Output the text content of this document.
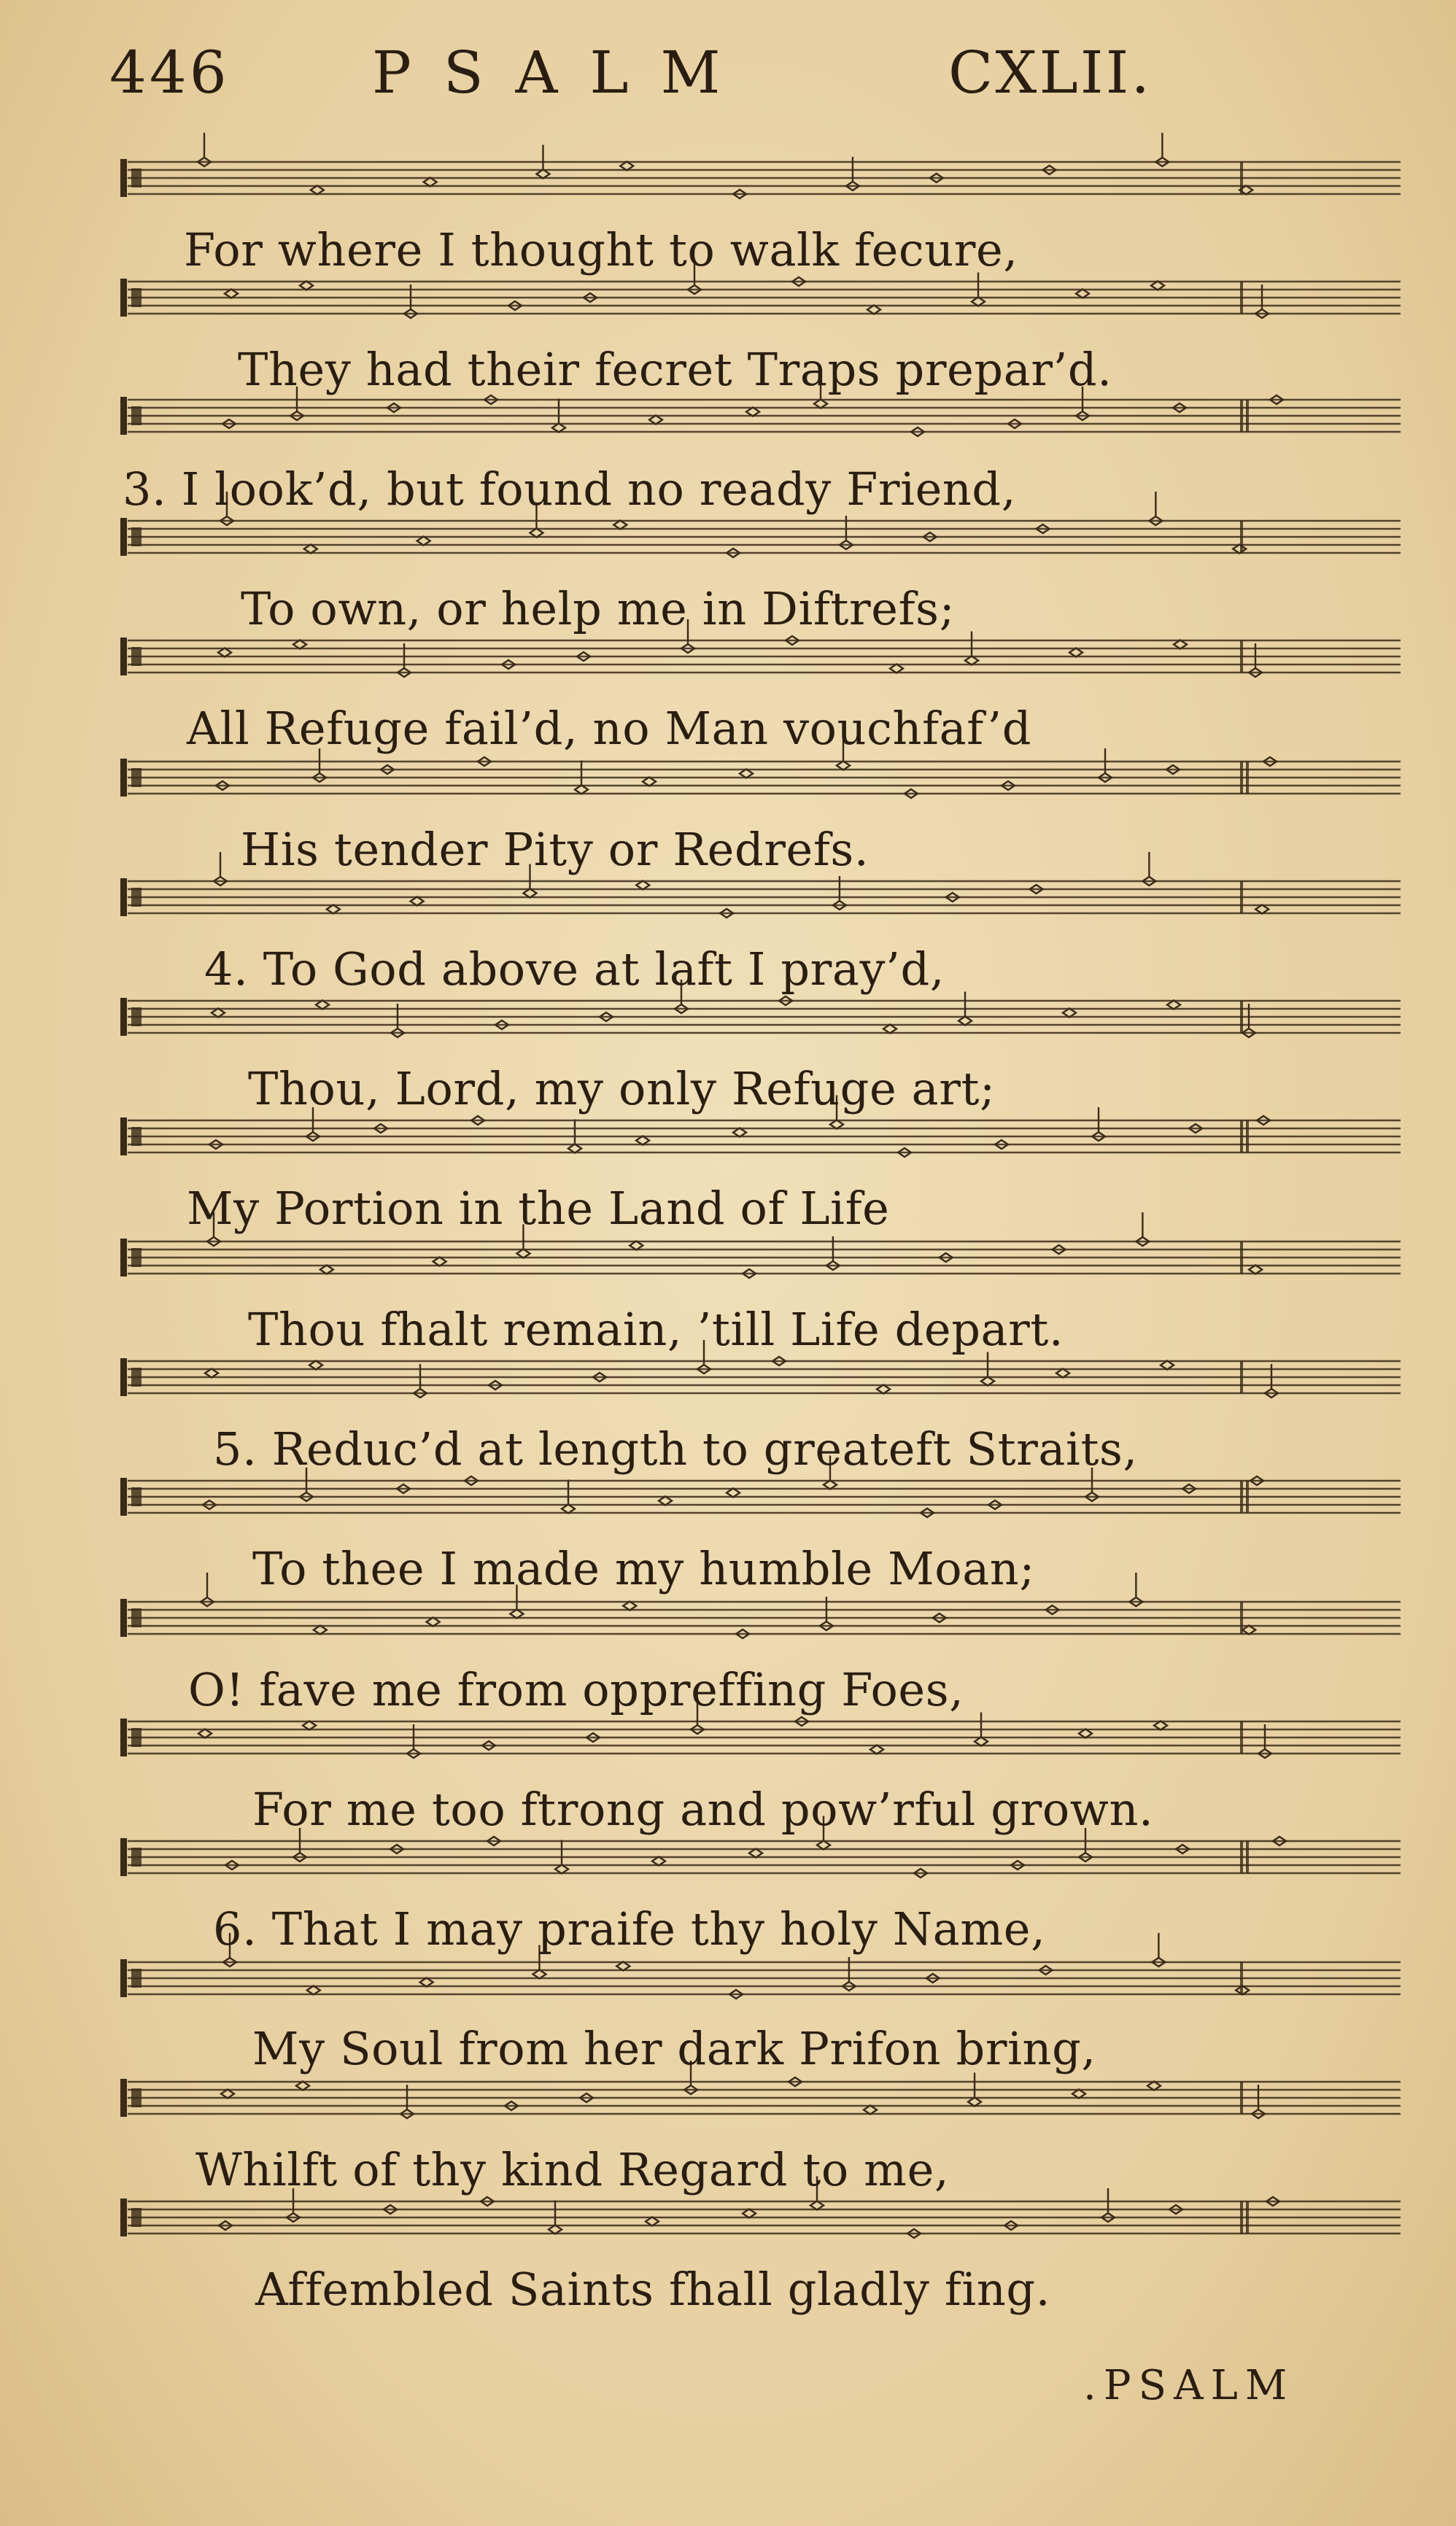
446 PSALM	CXLII.
For where I thought to walk fecure,
They had their fecret Traps prepar’d.
3. I look’d, but found no ready Friend,
To own, or help me in Diftrefs;
All Refuge fail’d, no Man vouchfaf’d
His tender Pity or Redrefs.
4. To God above at laft I pray’d,
Thou, Lord, my only Refuge art;
My Portion in the Land of Life
Thou fhalt remain, ’till Life depart.
5. Reduc’d at length to greateft Straits,
To thee I made my humble Moan;
O! fave me from oppreffing Foes,
For me too ftrong and pow’rful grown.
6. That I may praife thy holy Name,
My Soul from her dark Prifon bring,
Whilft of thy kind Regard to me,
Affembled Saints fhall gladly fing.
.PSALM
